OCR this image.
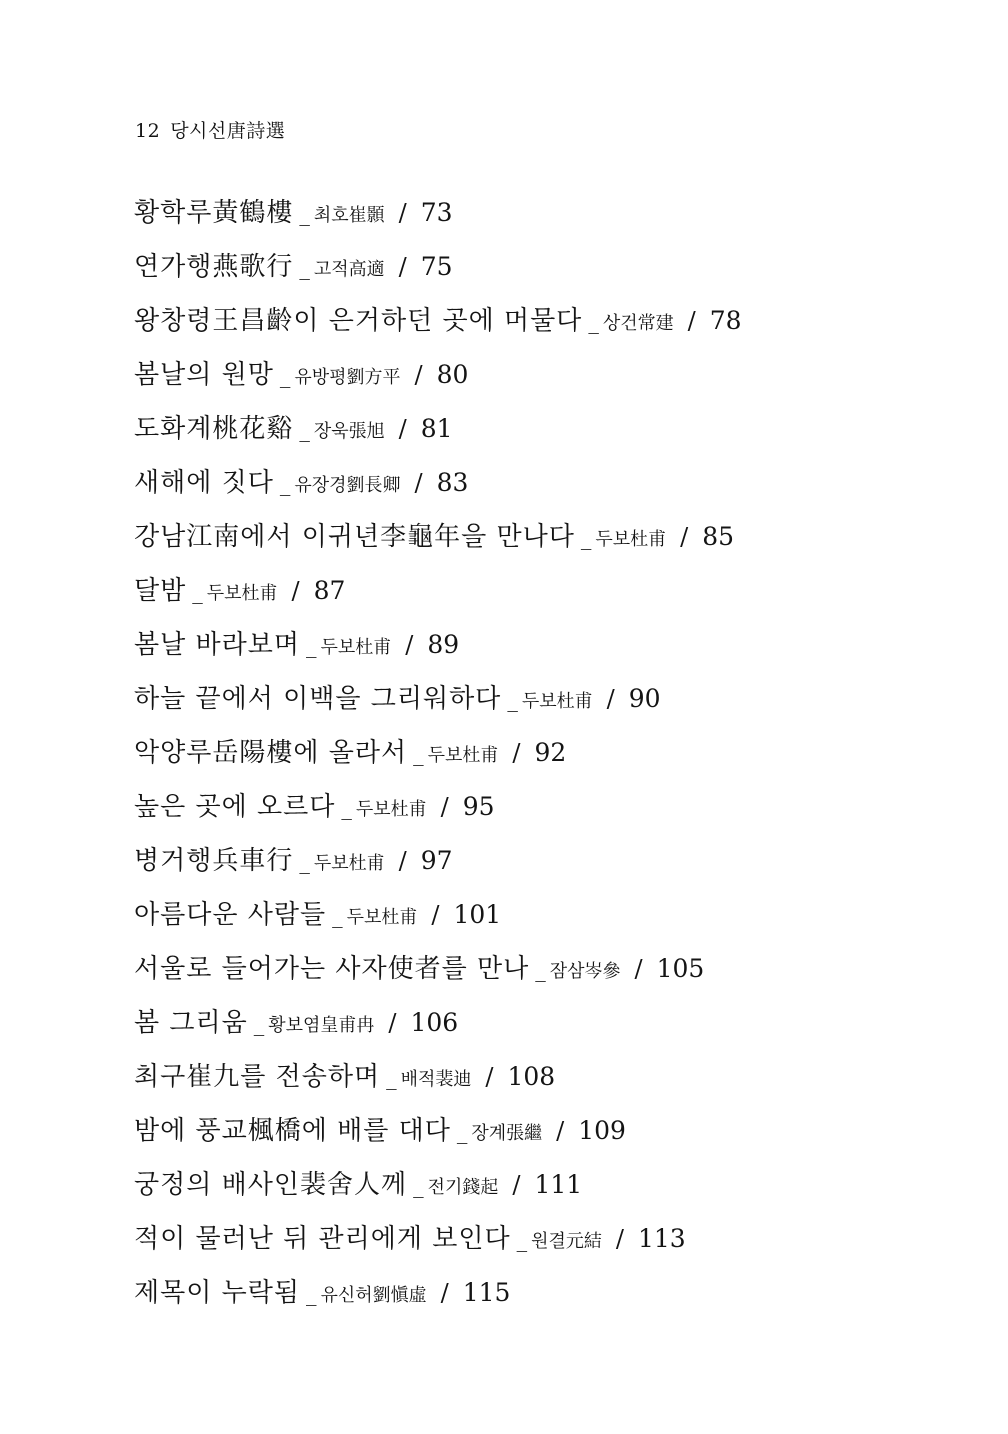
12 당시선唐詩選
황학루黃鶴樓 _ 최호崔顥 / 73
연가행燕歌行 _ 고적高適 / 75
왕창령王昌齡이 은거하던 곳에 머물다 _ 상건常建 / 78
봄날의 원망 _ 유방평劉方平 / 80
도화계桃花谿 _ 장욱張旭 / 81
새해에 짓다 _ 유장경劉長卿 / 83
강남江南에서 이귀년李龜年을 만나다 _ 두보杜甫 / 85
달밤 _ 두보杜甫 / 87
봄날 바라보며 _ 두보杜甫 / 89
하늘 끝에서 이백을 그리워하다 _ 두보杜甫 / 90
악양루岳陽樓에 올라서 _ 두보杜甫 / 92
높은 곳에 오르다 _ 두보杜甫 / 95
병거행兵車行 _ 두보杜甫 / 97
아름다운 사람들 _ 두보杜甫 / 101
서울로 들어가는 사자使者를 만나 _ 잠삼岑參 / 105
봄 그리움 _ 황보염皇甫冉 / 106
최구崔九를 전송하며 _ 배적裴迪 / 108
밤에 풍교楓橋에 배를 대다 _ 장계張繼 / 109
궁정의 배사인裴舍人께 _ 전기錢起 / 111
적이 물러난 뒤 관리에게 보인다 _ 원결元結 / 113
제목이 누락됨 _ 유신허劉愼虛 / 115
